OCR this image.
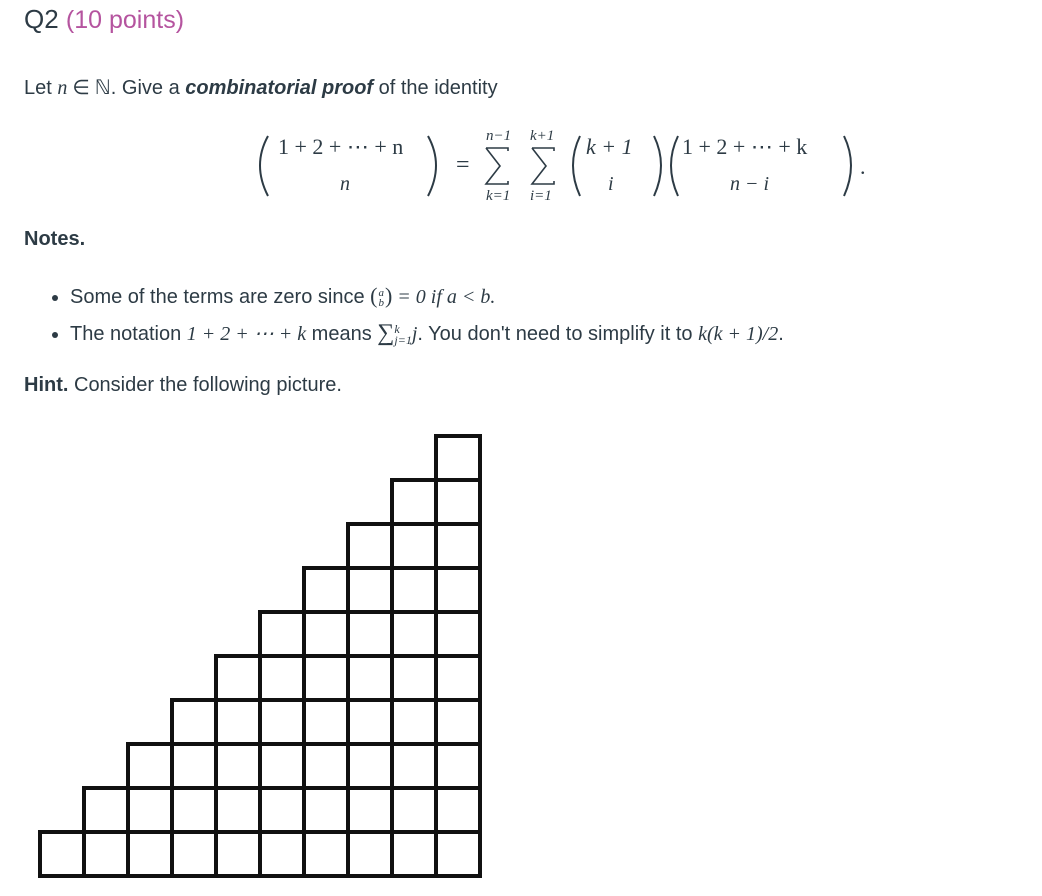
Q2 (10 points)
Let n ∈ ℕ. Give a combinatorial proof of the identity
1 + 2 + ⋯ + n
n
=
n−1
k=1
k+1
i=1
k + 1
i
1 + 2 + ⋯ + k
n − i
.
Notes.
• Some of the terms are zero since ( a
b ) = 0 if a < b.
• The notation 1 + 2 + ⋯ + k means ∑ k
j=1 j. You don't need to simplify it to k(k + 1)/2.
Hint. Consider the following picture.
